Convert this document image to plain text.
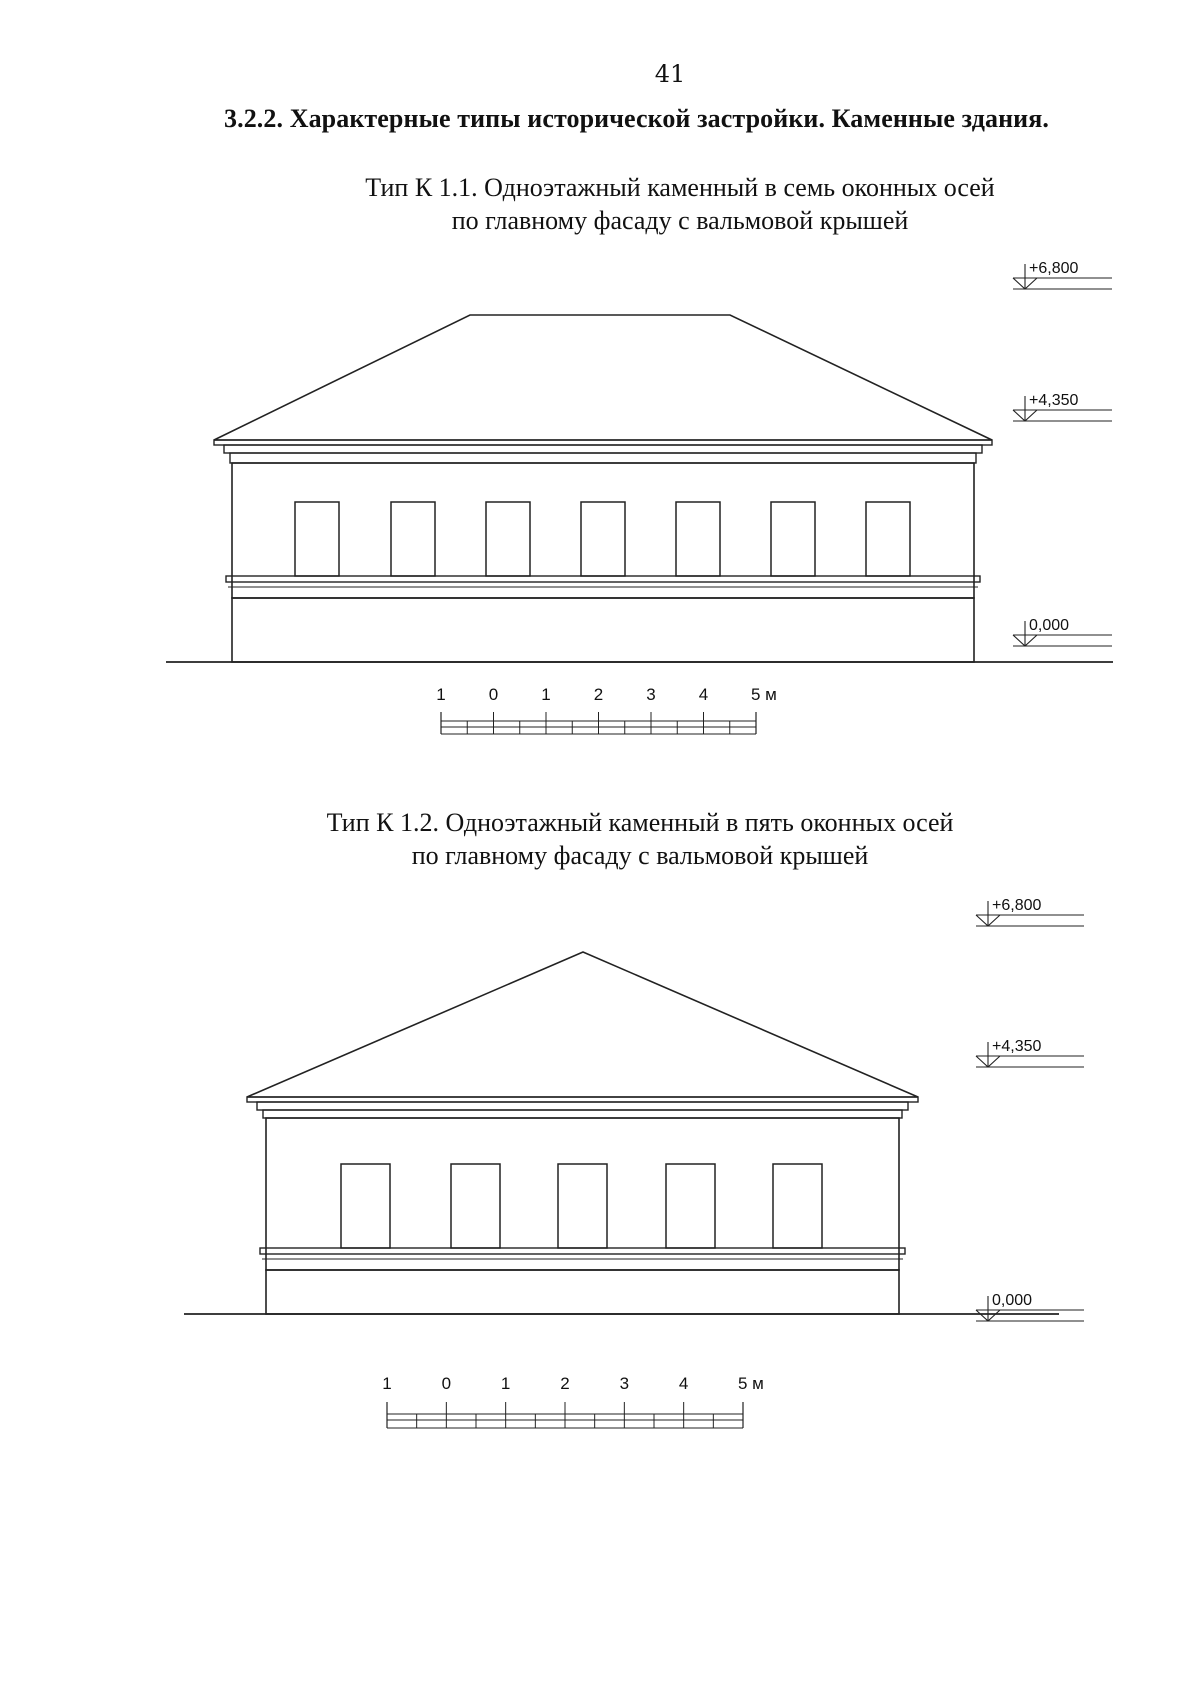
41
3.2.2. Характерные типы исторической застройки. Каменные здания.
Тип К 1.1. Одноэтажный каменный в семь оконных осей
по главному фасаду с вальмовой крышей
Тип К 1.2. Одноэтажный каменный в пять оконных осей
по главному фасаду с вальмовой крышей
+6,800
+4,350
0,000
1	0	1	2	3	4	5 м
+6,800
+4,350
0,000
1	0	1	2	3	4	5 м
